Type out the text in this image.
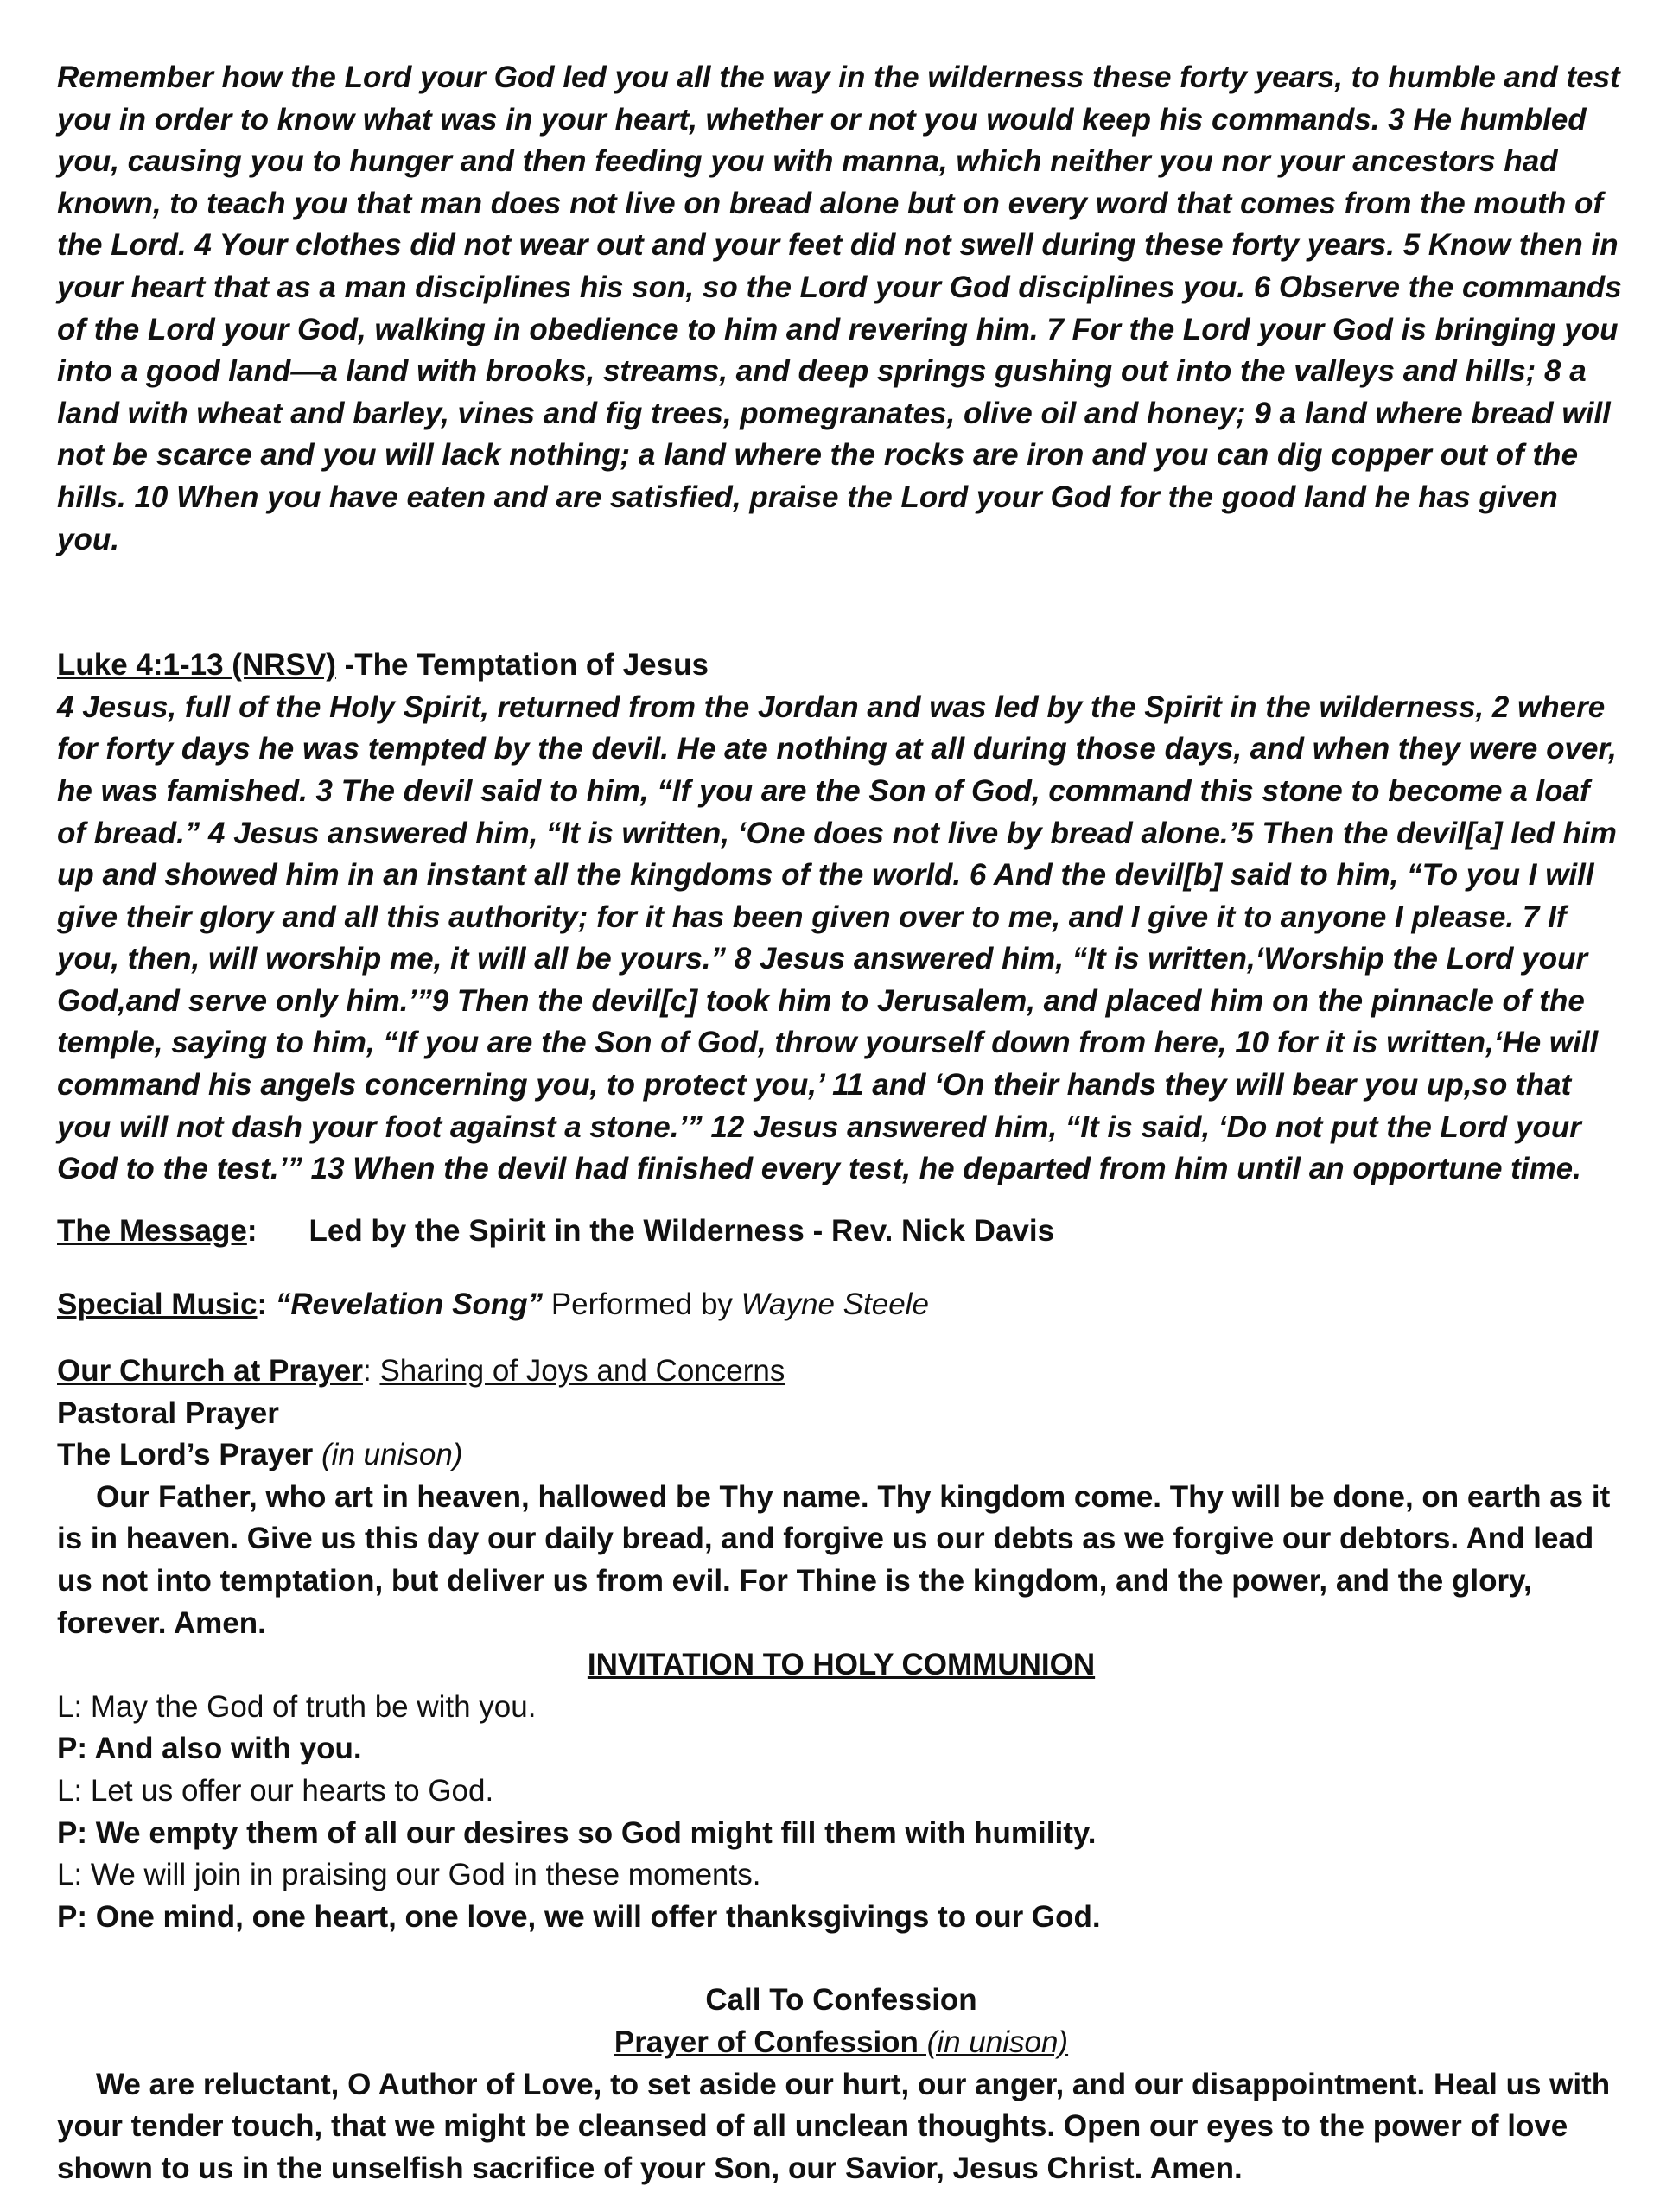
Remember how the Lord your God led you all the way in the wilderness these forty years, to humble and test you in order to know what was in your heart, whether or not you would keep his commands. 3 He humbled you, causing you to hunger and then feeding you with manna, which neither you nor your ancestors had known, to teach you that man does not live on bread alone but on every word that comes from the mouth of the Lord. 4 Your clothes did not wear out and your feet did not swell during these forty years. 5 Know then in your heart that as a man disciplines his son, so the Lord your God disciplines you. 6 Observe the commands of the Lord your God, walking in obedience to him and revering him. 7 For the Lord your God is bringing you into a good land—a land with brooks, streams, and deep springs gushing out into the valleys and hills; 8 a land with wheat and barley, vines and fig trees, pomegranates, olive oil and honey; 9 a land where bread will not be scarce and you will lack nothing; a land where the rocks are iron and you can dig copper out of the hills. 10 When you have eaten and are satisfied, praise the Lord your God for the good land he has given you.

Luke 4:1-13 (NRSV) -The Temptation of Jesus

4 Jesus, full of the Holy Spirit, returned from the Jordan and was led by the Spirit in the wilderness, 2 where for forty days he was tempted by the devil. He ate nothing at all during those days, and when they were over, he was famished. 3 The devil said to him, “If you are the Son of God, command this stone to become a loaf of bread.” 4 Jesus answered him, “It is written, ‘One does not live by bread alone.’5 Then the devil[a] led him up and showed him in an instant all the kingdoms of the world. 6 And the devil[b] said to him, “To you I will give their glory and all this authority; for it has been given over to me, and I give it to anyone I please. 7 If you, then, will worship me, it will all be yours.” 8 Jesus answered him, “It is written,‘Worship the Lord your God,and serve only him.’”9 Then the devil[c] took him to Jerusalem, and placed him on the pinnacle of the temple, saying to him, “If you are the Son of God, throw yourself down from here, 10 for it is written,‘He will command his angels concerning you, to protect you,’ 11 and ‘On their hands they will bear you up,so that you will not dash your foot against a stone.’” 12 Jesus answered him, “It is said, ‘Do not put the Lord your God to the test.’” 13 When the devil had finished every test, he departed from him until an opportune time.

The Message: Led by the Spirit in the Wilderness - Rev. Nick Davis

Special Music: “Revelation Song” Performed by Wayne Steele

Our Church at Prayer: Sharing of Joys and Concerns

Pastoral Prayer

The Lord’s Prayer (in unison)

Our Father, who art in heaven, hallowed be Thy name. Thy kingdom come. Thy will be done, on earth as it is in heaven. Give us this day our daily bread, and forgive us our debts as we forgive our debtors. And lead us not into temptation, but deliver us from evil. For Thine is the kingdom, and the power, and the glory, forever. Amen.

INVITATION TO HOLY COMMUNION

L: May the God of truth be with you.

P: And also with you.

L: Let us offer our hearts to God.

P: We empty them of all our desires so God might fill them with humility.

L: We will join in praising our God in these moments.

P: One mind, one heart, one love, we will offer thanksgivings to our God.

Call To Confession

Prayer of Confession (in unison)

We are reluctant, O Author of Love, to set aside our hurt, our anger, and our disappointment. Heal us with your tender touch, that we might be cleansed of all unclean thoughts. Open our eyes to the power of love shown to us in the unselfish sacrifice of your Son, our Savior, Jesus Christ. Amen.
